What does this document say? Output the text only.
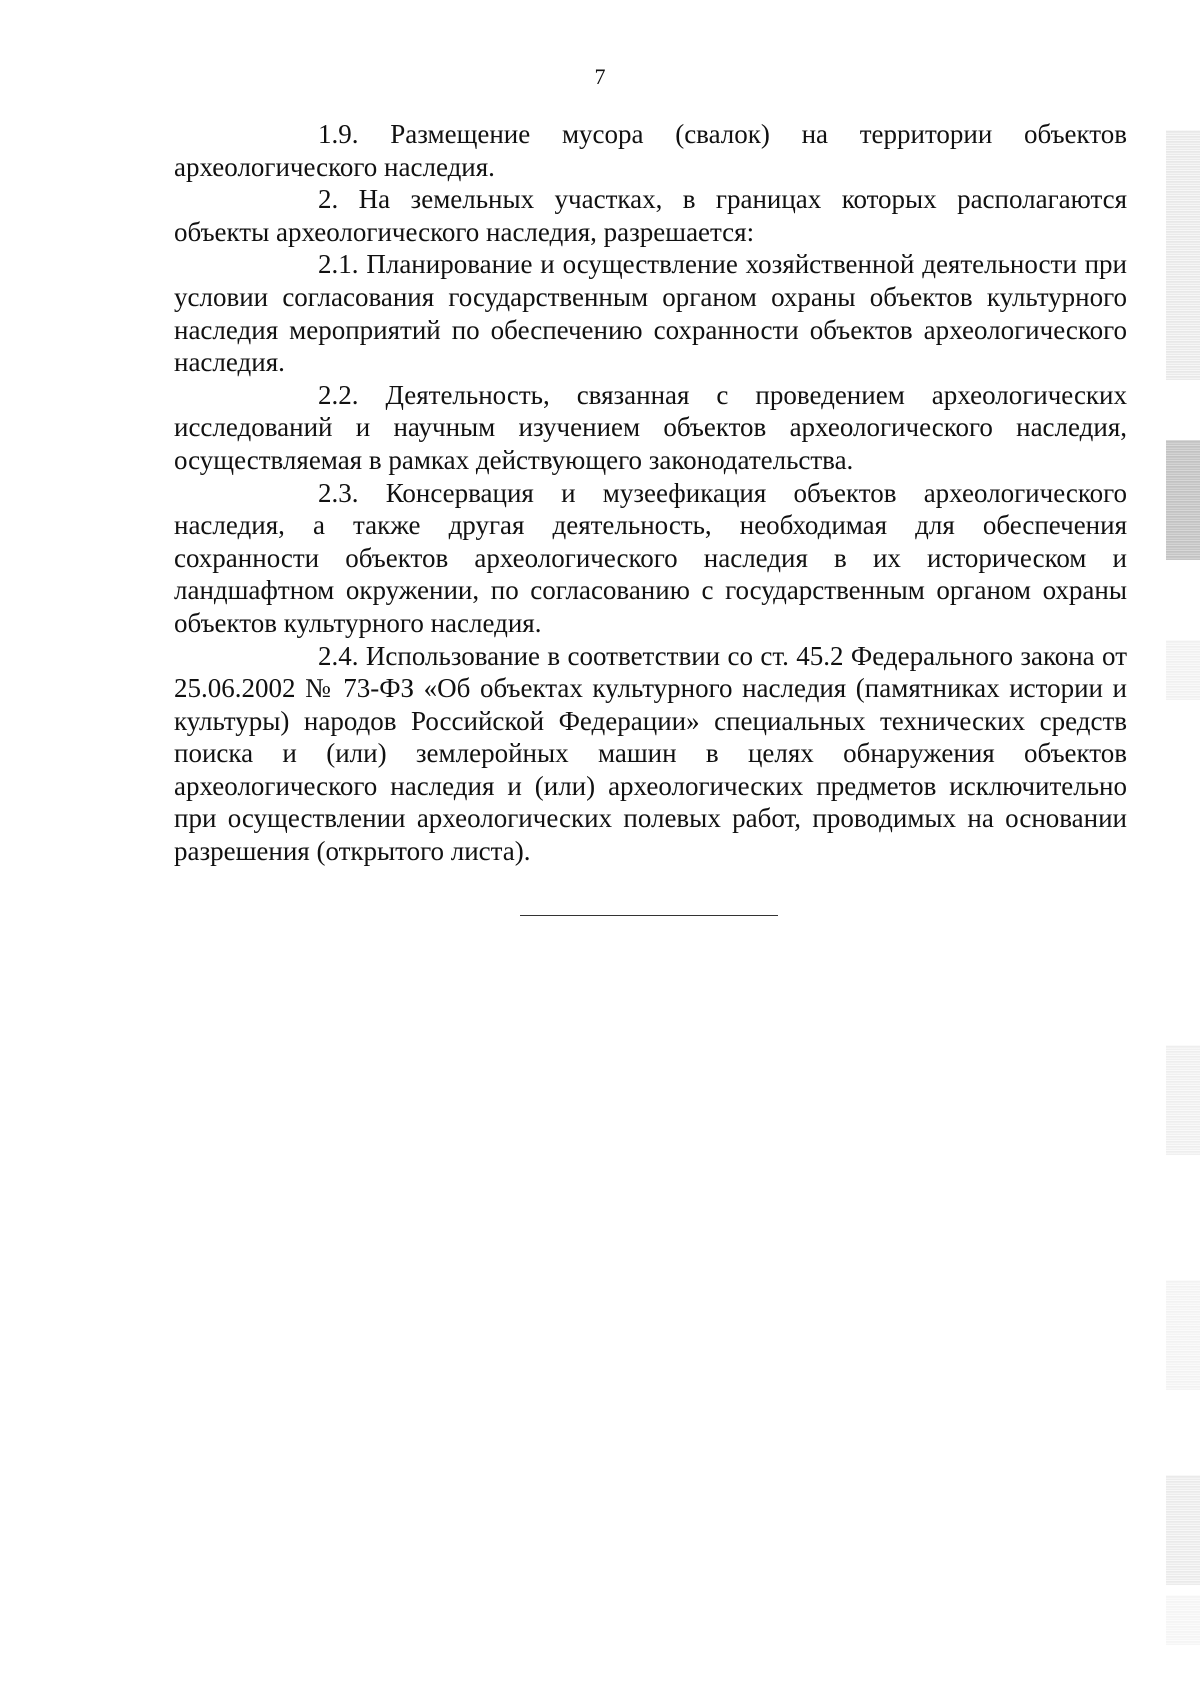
7

1.9. Размещение мусора (свалок) на территории объектов археологического наследия.

2. На земельных участках, в границах которых располагаются объекты археологического наследия, разрешается:

2.1. Планирование и осуществление хозяйственной деятельности при условии согласования государственным органом охраны объектов культурного наследия мероприятий по обеспечению сохранности объектов археологического наследия.

2.2. Деятельность, связанная с проведением археологических исследований и научным изучением объектов археологического наследия, осуществляемая в рамках действующего законодательства.

2.3. Консервация и музеефикация объектов археологического наследия, а также другая деятельность, необходимая для обеспечения сохранности объектов археологического наследия в их историческом и ландшафтном окружении, по согласованию с государственным органом охраны объектов культурного наследия.

2.4. Использование в соответствии со ст. 45.2 Федерального закона от 25.06.2002 № 73-ФЗ «Об объектах культурного наследия (памятниках истории и культуры) народов Российской Федерации» специальных технических средств поиска и (или) землеройных машин в целях обнаружения объектов археологического наследия и (или) археологических предметов исключительно при осуществлении археологических полевых работ, проводимых на основании разрешения (открытого листа).
